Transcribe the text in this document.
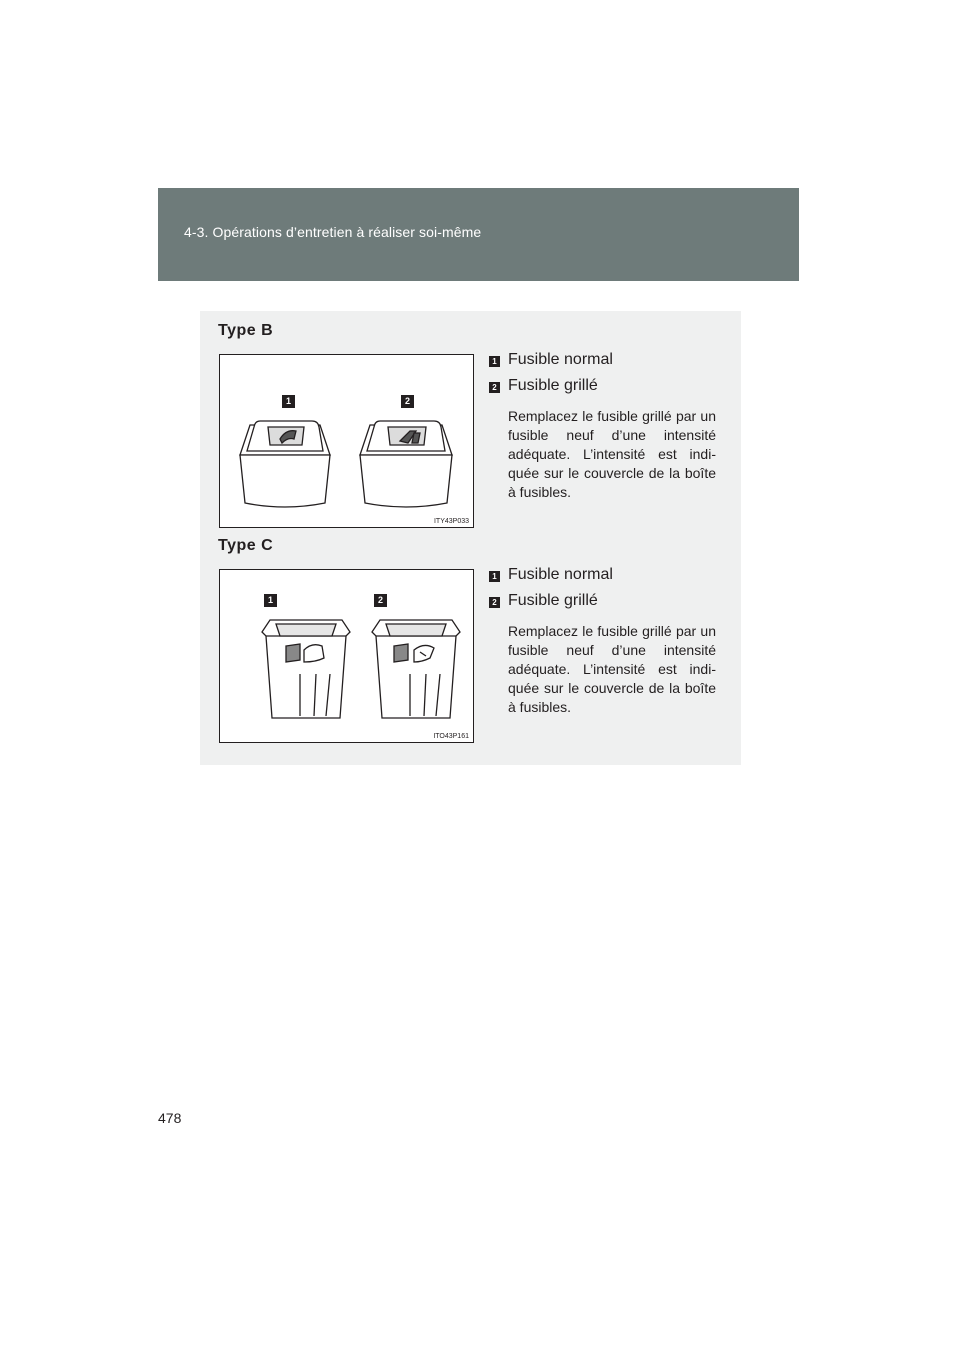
4-3. Opérations d’entretien à réaliser soi-même
Type B
1	2
ITY43P033
1 Fusible normal
2 Fusible grillé
Remplacez le fusible grillé par un fusible neuf d’une intensité adéquate. L’intensité est indi-quée sur le couvercle de la boîte à fusibles.
Type C
1	2
ITO43P161
1 Fusible normal
2 Fusible grillé
Remplacez le fusible grillé par un fusible neuf d’une intensité adéquate. L’intensité est indi-quée sur le couvercle de la boîte à fusibles.
478
